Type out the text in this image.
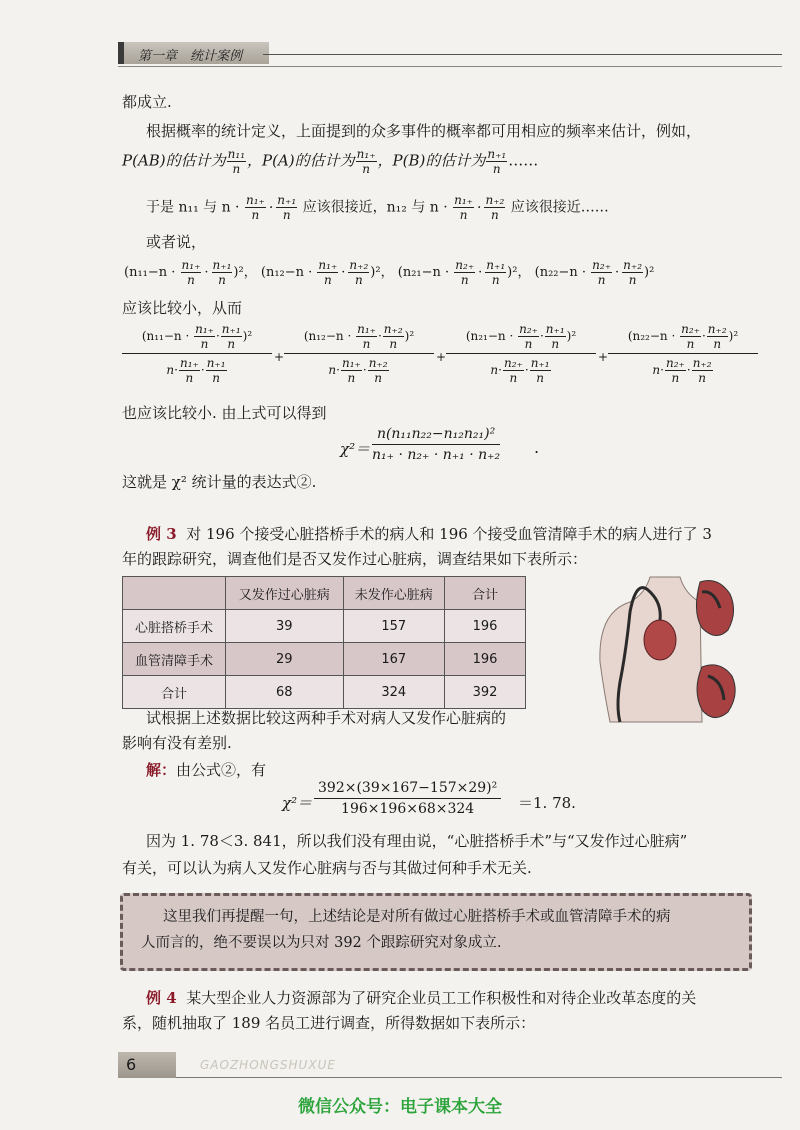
第一章　统计案例
都成立.
根据概率的统计定义，上面提到的众多事件的概率都可用相应的频率来估计，例如，
P(AB)的估计为 $\frac{\text{n₁₁}}{n}$ ，P(A)的估计为 $\frac{\text{n₁₊}}{n}$ ，P(B)的估计为 $\frac{\text{n₊₁}}{n}$ ……
于是 n₁₁ 与 $n \cdot \frac{\text{n₁₊}}{n} \cdot \frac{\text{n₊₁}}{n}$ 应该很接近，n₁₂ 与 $n \cdot \frac{\text{n₁₊}}{n} \cdot \frac{\text{n₊₂}}{n}$ 应该很接近……
或者说，
$(n_{11}-n \cdot \frac{\text{n₁₊}}{n} \cdot \frac{\text{n₊₁}}{n} )^2$， $(n_{12}-n \cdot \frac{\text{n₁₊}}{n} \cdot \frac{\text{n₊₂}}{n} )^2$， $(n_{21}-n \cdot \frac{\text{n₂₊}}{n} \cdot \frac{\text{n₊₁}}{n} )^2$， $(n_{22}-n \cdot \frac{\text{n₂₊}}{n} \cdot \frac{\text{n₊₂}}{n} )^2$
应该比较小，从而
$(n_{11}-n \cdot \frac{\text{n₁₊}}{n} \cdot \frac{\text{n₊₁}}{n} )^2$
$n\cdot \frac{\text{n₁₊}}{n} \cdot \frac{\text{n₊₁}}{n}$	+
$(n_{12}-n \cdot \frac{\text{n₁₊}}{n} \cdot \frac{\text{n₊₂}}{n} )^2$
$n\cdot \frac{\text{n₁₊}}{n} \cdot \frac{\text{n₊₂}}{n}$	+
$(n_{21}-n \cdot \frac{\text{n₂₊}}{n} \cdot \frac{\text{n₊₁}}{n} )^2$
$n\cdot \frac{\text{n₂₊}}{n} \cdot \frac{\text{n₊₁}}{n}$	+
$(n_{22}-n \cdot \frac{\text{n₂₊}}{n} \cdot \frac{\text{n₊₂}}{n} )^2$
$n\cdot \frac{\text{n₂₊}}{n} \cdot \frac{\text{n₊₂}}{n}$
也应该比较小. 由上式可以得到
χ²＝
n(n₁₁n₂₂−n₁₂n₂₁)²
n₁₊ · n₂₊ · n₊₁ · n₊₂ .
这就是 χ² 统计量的表达式②.
例 3 对 196 个接受心脏搭桥手术的病人和 196 个接受血管清障手术的病人进行了 3
年的跟踪研究，调查他们是否又发作过心脏病，调查结果如下表所示：
	又发作过心脏病	未发作心脏病	合计
心脏搭桥手术	39	157	196
血管清障手术	29	167	196
合计	68	324	392
试根据上述数据比较这两种手术对病人又发作心脏病的
影响有没有差别.
解：由公式②，有
χ²＝
392×(39×167−157×29)²
196×196×68×324	＝1. 78.
因为 1. 78＜3. 841，所以我们没有理由说，“心脏搭桥手术”与“又发作过心脏病”
有关，可以认为病人又发作心脏病与否与其做过何种手术无关.
这里我们再提醒一句，上述结论是对所有做过心脏搭桥手术或血管清障手术的病
人而言的，绝不要误以为只对 392 个跟踪研究对象成立.
例 4 某大型企业人力资源部为了研究企业员工工作积极性和对待企业改革态度的关
系，随机抽取了 189 名员工进行调查，所得数据如下表所示：
6	GAOZHONGSHUXUE
微信公众号：电子课本大全
